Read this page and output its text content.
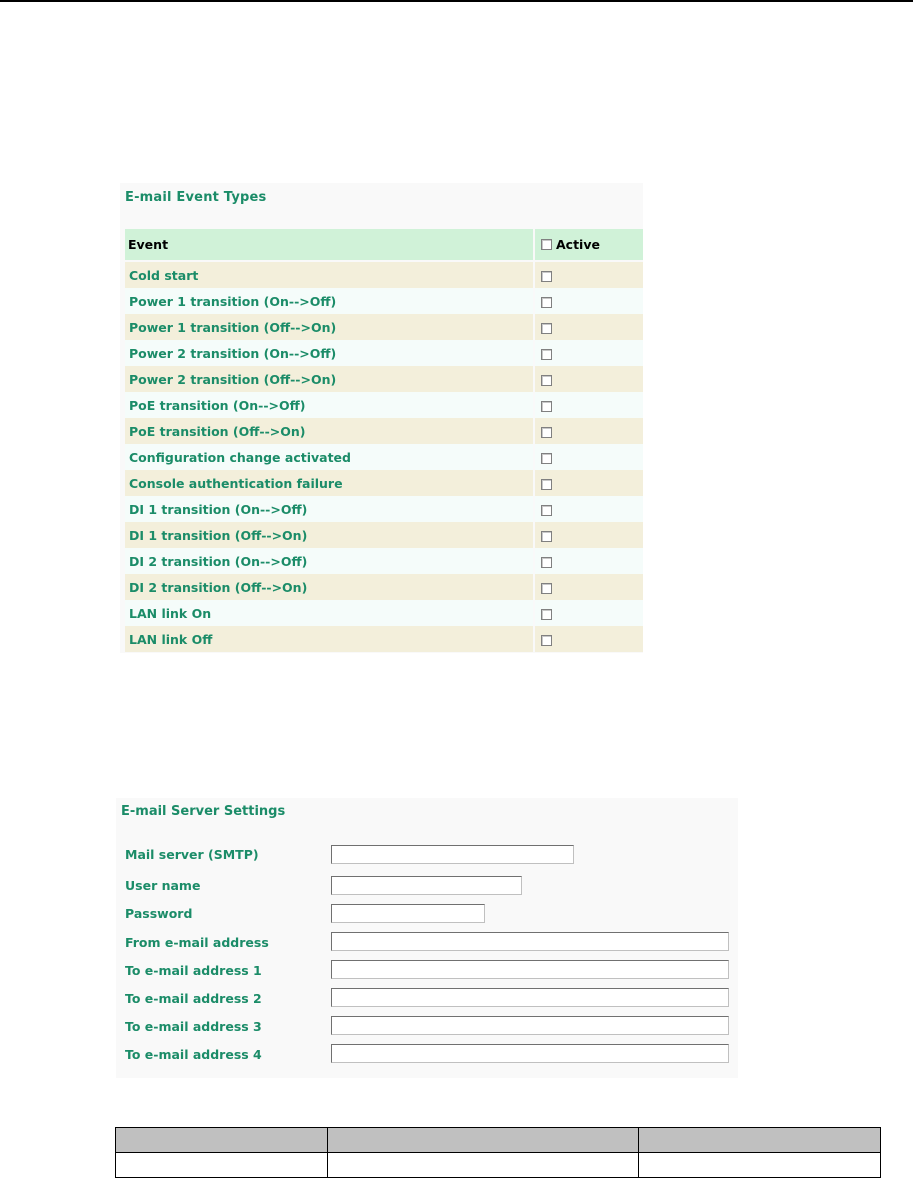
E-mail Event Types
Event	Active
Cold start	
Power 1 transition (On-->Off)	
Power 1 transition (Off-->On)	
Power 2 transition (On-->Off)	
Power 2 transition (Off-->On)	
PoE transition (On-->Off)	
PoE transition (Off-->On)	
Configuration change activated	
Console authentication failure	
DI 1 transition (On-->Off)	
DI 1 transition (Off-->On)	
DI 2 transition (On-->Off)	
DI 2 transition (Off-->On)	
LAN link On	
LAN link Off	
E-mail Server Settings
Mail server (SMTP)
User name
Password
From e-mail address
To e-mail address 1
To e-mail address 2
To e-mail address 3
To e-mail address 4
